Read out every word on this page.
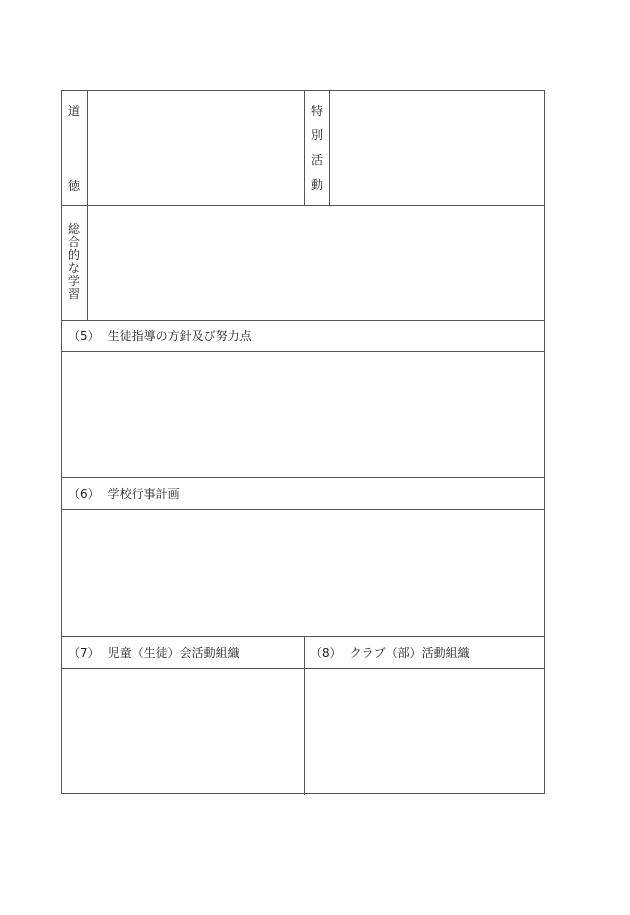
道
徳
特
別
活
動
総
合
的
な
学
習
（5） 生徒指導の方針及び努力点
（6） 学校行事計画
（7） 児童（生徒）会活動組織	（8） クラブ（部）活動組織
